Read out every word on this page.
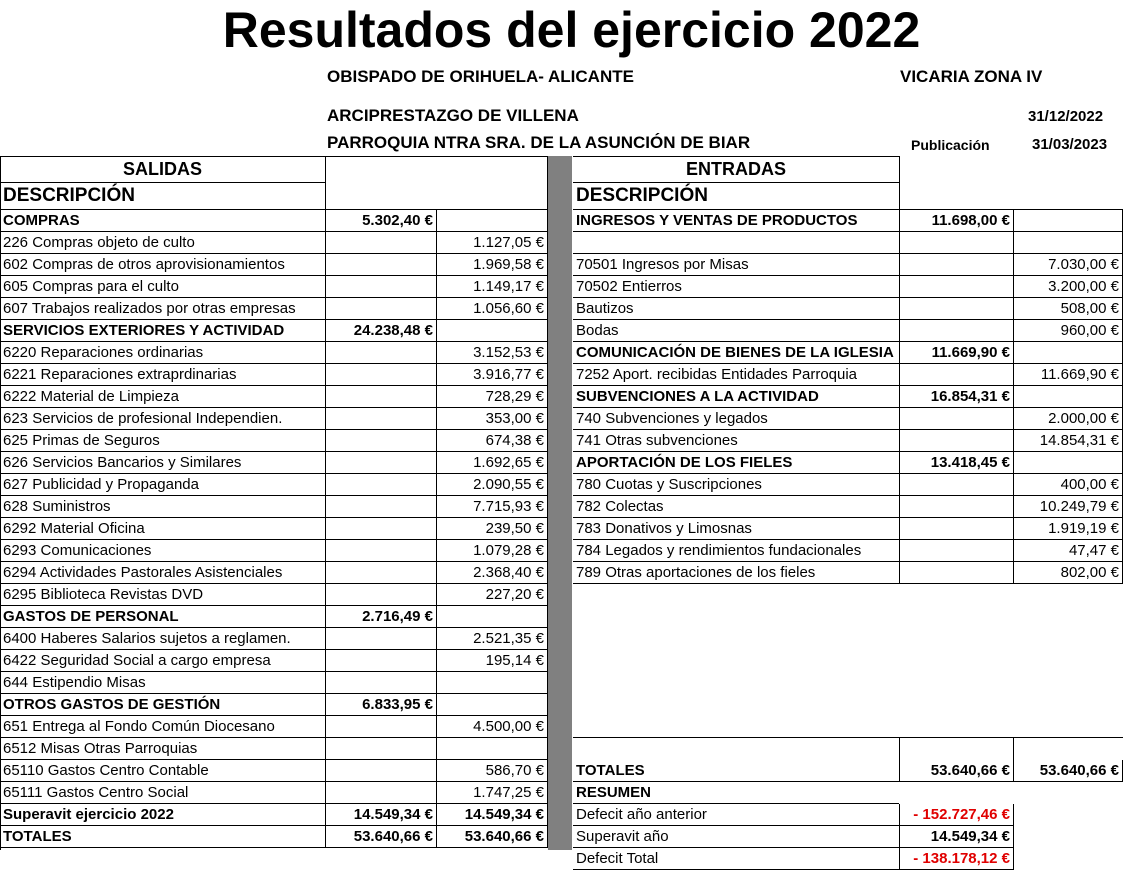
Resultados del ejercicio 2022
OBISPADO DE ORIHUELA- ALICANTE	VICARIA ZONA IV
ARCIPRESTAZGO DE VILLENA	31/12/2022
PARROQUIA NTRA SRA. DE LA ASUNCIÓN DE BIAR	Publicación	31/03/2023
SALIDAS
DESCRIPCIÓN
ENTRADAS
DESCRIPCIÓN
COMPRAS	5.302,40 €
226 Compras objeto de culto	1.127,05 €
602 Compras de otros aprovisionamientos	1.969,58 €
605 Compras para el culto	1.149,17 €
607 Trabajos realizados por otras empresas	1.056,60 €
SERVICIOS EXTERIORES Y ACTIVIDAD	24.238,48 €
6220 Reparaciones ordinarias	3.152,53 €
6221 Reparaciones extraprdinarias	3.916,77 €
6222 Material de Limpieza	728,29 €
623 Servicios de profesional Independien.	353,00 €
625 Primas de Seguros	674,38 €
626 Servicios Bancarios y Similares	1.692,65 €
627 Publicidad y Propaganda	2.090,55 €
628 Suministros	7.715,93 €
6292 Material Oficina	239,50 €
6293 Comunicaciones	1.079,28 €
6294 Actividades Pastorales Asistenciales	2.368,40 €
6295 Biblioteca Revistas DVD	227,20 €
GASTOS DE PERSONAL	2.716,49 €
6400 Haberes Salarios sujetos a reglamen.	2.521,35 €
6422 Seguridad Social a cargo empresa	195,14 €
644 Estipendio Misas
OTROS GASTOS DE GESTIÓN	6.833,95 €
651 Entrega al Fondo Común Diocesano	4.500,00 €
6512 Misas Otras Parroquias
65110 Gastos Centro Contable	586,70 €
65111 Gastos Centro Social	1.747,25 €
Superavit ejercicio 2022	14.549,34 €	14.549,34 €
TOTALES	53.640,66 €	53.640,66 €
INGRESOS Y VENTAS DE PRODUCTOS	11.698,00 €
70501 Ingresos por Misas	7.030,00 €
70502 Entierros	3.200,00 €
Bautizos	508,00 €
Bodas	960,00 €
COMUNICACIÓN DE BIENES DE LA IGLESIA	11.669,90 €
7252 Aport. recibidas Entidades Parroquia	11.669,90 €
SUBVENCIONES A LA ACTIVIDAD	16.854,31 €
740 Subvenciones y legados	2.000,00 €
741 Otras subvenciones	14.854,31 €
APORTACIÓN DE LOS FIELES	13.418,45 €
780 Cuotas y Suscripciones	400,00 €
782 Colectas	10.249,79 €
783 Donativos y Limosnas	1.919,19 €
784 Legados y rendimientos fundacionales	47,47 €
789 Otras aportaciones de los fieles	802,00 €
TOTALES	53.640,66 €	53.640,66 €
RESUMEN
Defecit año anterior	- 152.727,46 €
Superavit año	14.549,34 €
Defecit Total	- 138.178,12 €
